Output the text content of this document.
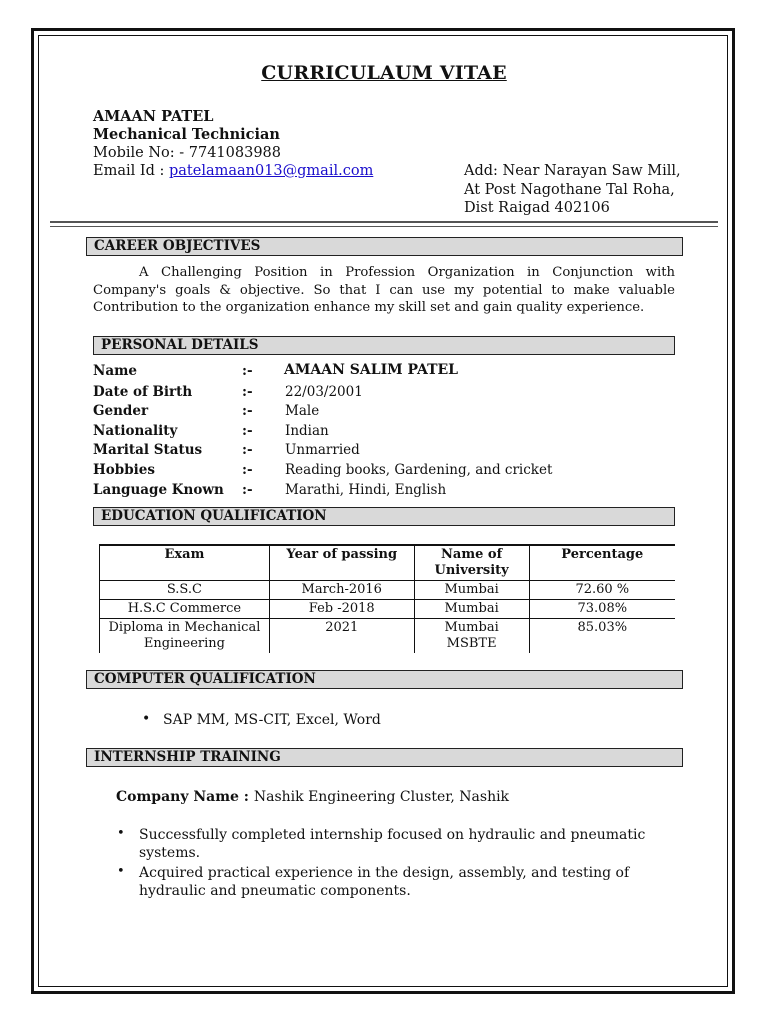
CURRICULAUM VITAE
AMAAN PATEL
Mechanical Technician
Mobile No: - 7741083988
Email Id : patelamaan013@gmail.com	Add: Near Narayan Saw Mill,
At Post Nagothane Tal Roha,
Dist Raigad 402106
CAREER OBJECTIVES
A Challenging Position in Profession Organization in Conjunction with Company's goals & objective. So that I can use my potential to make valuable Contribution to the organization enhance my skill set and gain quality experience.
PERSONAL DETAILS
Name	:- AMAAN SALIM PATEL
Date of Birth	:- 22/03/2001
Gender	:- Male
Nationality	:- Indian
Marital Status	:- Unmarried
Hobbies	:- Reading books, Gardening, and cricket
Language Known :- Marathi, Hindi, English
EDUCATION QUALIFICATION
Exam	Year of passing	Name of University	Percentage
S.S.C	March-2016	Mumbai	72.60 %
H.S.C Commerce	Feb -2018	Mumbai	73.08%
Diploma in Mechanical Engineering	2021	Mumbai MSBTE	85.03%
COMPUTER QUALIFICATION
• SAP MM, MS-CIT, Excel, Word
INTERNSHIP TRAINING
Company Name : Nashik Engineering Cluster, Nashik
• Successfully completed internship focused on hydraulic and pneumatic systems.
• Acquired practical experience in the design, assembly, and testing of hydraulic and pneumatic components.
